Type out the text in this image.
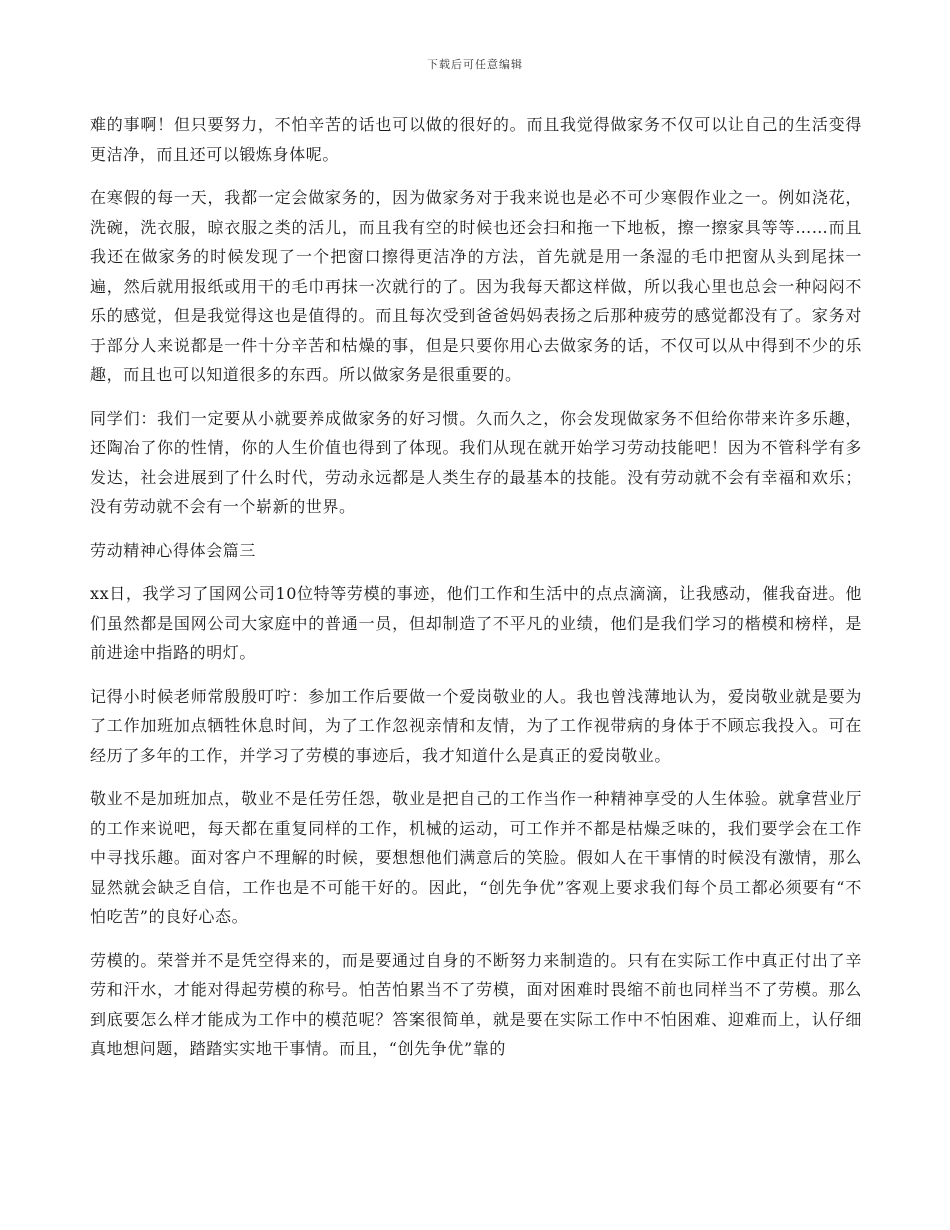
下载后可任意编辑

难的事啊！但只要努力，不怕辛苦的话也可以做的很好的。而且我觉得做家务不仅可以让自己的生活变得更洁净，而且还可以锻炼身体呢。

在寒假的每一天，我都一定会做家务的，因为做家务对于我来说也是必不可少寒假作业之一。例如浇花，洗碗，洗衣服，晾衣服之类的活儿，而且我有空的时候也还会扫和拖一下地板，擦一擦家具等等……而且我还在做家务的时候发现了一个把窗口擦得更洁净的方法，首先就是用一条湿的毛巾把窗从头到尾抹一遍，然后就用报纸或用干的毛巾再抹一次就行的了。因为我每天都这样做，所以我心里也总会一种闷闷不乐的感觉，但是我觉得这也是值得的。而且每次受到爸爸妈妈表扬之后那种疲劳的感觉都没有了。家务对于部分人来说都是一件十分辛苦和枯燥的事，但是只要你用心去做家务的话，不仅可以从中得到不少的乐趣，而且也可以知道很多的东西。所以做家务是很重要的。

同学们：我们一定要从小就要养成做家务的好习惯。久而久之，你会发现做家务不但给你带来许多乐趣，还陶冶了你的性情，你的人生价值也得到了体现。我们从现在就开始学习劳动技能吧！因为不管科学有多发达，社会进展到了什么时代，劳动永远都是人类生存的最基本的技能。没有劳动就不会有幸福和欢乐；没有劳动就不会有一个崭新的世界。

劳动精神心得体会篇三

xx日，我学习了国网公司10位特等劳模的事迹，他们工作和生活中的点点滴滴，让我感动，催我奋进。他们虽然都是国网公司大家庭中的普通一员，但却制造了不平凡的业绩，他们是我们学习的楷模和榜样，是前进途中指路的明灯。

记得小时候老师常殷殷叮咛：参加工作后要做一个爱岗敬业的人。我也曾浅薄地认为，爱岗敬业就是要为了工作加班加点牺牲休息时间，为了工作忽视亲情和友情，为了工作视带病的身体于不顾忘我投入。可在经历了多年的工作，并学习了劳模的事迹后，我才知道什么是真正的爱岗敬业。

敬业不是加班加点，敬业不是任劳任怨，敬业是把自己的工作当作一种精神享受的人生体验。就拿营业厅的工作来说吧，每天都在重复同样的工作，机械的运动，可工作并不都是枯燥乏味的，我们要学会在工作中寻找乐趣。面对客户不理解的时候，要想想他们满意后的笑脸。假如人在干事情的时候没有激情，那么显然就会缺乏自信，工作也是不可能干好的。因此，“创先争优”客观上要求我们每个员工都必须要有“不怕吃苦”的良好心态。

劳模的。荣誉并不是凭空得来的，而是要通过自身的不断努力来制造的。只有在实际工作中真正付出了辛劳和汗水，才能对得起劳模的称号。怕苦怕累当不了劳模，面对困难时畏缩不前也同样当不了劳模。那么到底要怎么样才能成为工作中的模范呢？答案很简单，就是要在实际工作中不怕困难、迎难而上，认仔细真地想问题，踏踏实实地干事情。而且，“创先争优”靠的
